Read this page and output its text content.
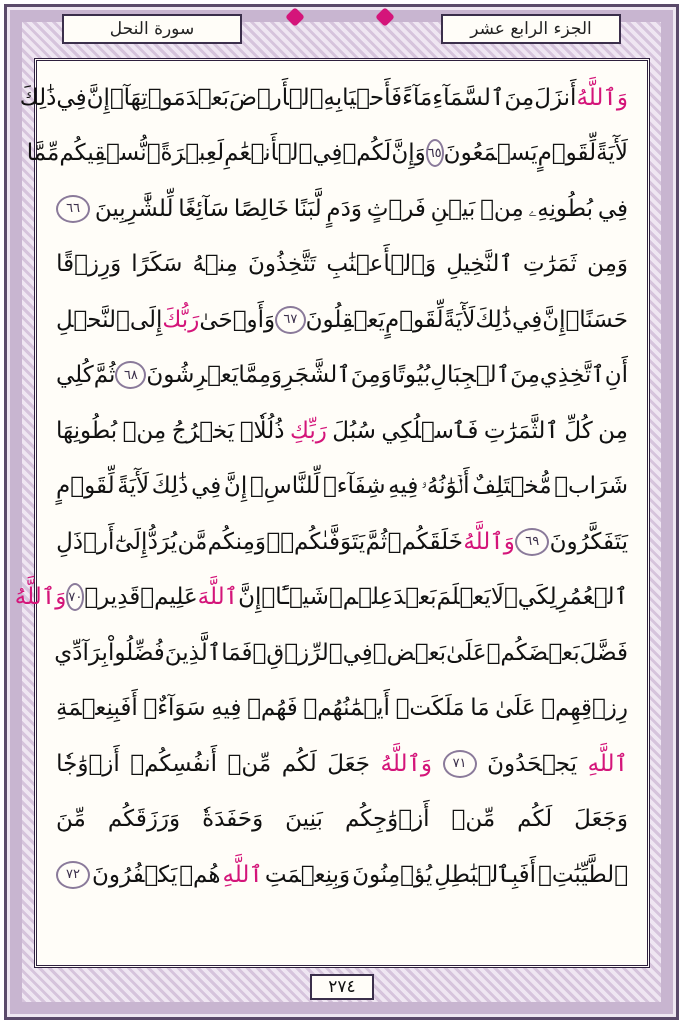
الجزء الرابع عشر
سورة النحل
وَٱللَّهُ
أَنزَلَ
مِنَ
ٱلسَّمَآءِ
مَآءً
فَأَحۡيَا
بِهِ
ٱلۡأَرۡضَ
بَعۡدَ
مَوۡتِهَآۚ
إِنَّ
فِي
ذَٰلِكَ
لَأٓيَةً
لِّقَوۡمٍ
يَسۡمَعُونَ
٦٥
وَإِنَّ
لَكُمۡ
فِي
ٱلۡأَنۡعَٰمِ
لَعِبۡرَةًۖ
نُّسۡقِيكُم
مِّمَّا
فِي
بُطُونِهِۦ
مِنۢ
بَيۡنِ
فَرۡثٍ
وَدَمٍ
لَّبَنًا
خَالِصًا
سَآئِغًا
لِّلشَّٰرِبِينَ
٦٦
وَمِن
ثَمَرَٰتِ
ٱلنَّخِيلِ
وَٱلۡأَعۡنَٰبِ
تَتَّخِذُونَ
مِنۡهُ
سَكَرًا
وَرِزۡقًا
حَسَنًاۚ
إِنَّ
فِي
ذَٰلِكَ
لَأٓيَةً
لِّقَوۡمٍ
يَعۡقِلُونَ
٦٧
وَأَوۡحَىٰ
رَبُّكَ
إِلَى
ٱلنَّحۡلِ
أَنِ
ٱتَّخِذِي
مِنَ
ٱلۡجِبَالِ
بُيُوتًا
وَمِنَ
ٱلشَّجَرِ
وَمِمَّا
يَعۡرِشُونَ
٦٨
ثُمَّ
كُلِي
مِن
كُلِّ
ٱلثَّمَرَٰتِ
فَٱسۡلُكِي
سُبُلَ
رَبِّكِ
ذُلُلٗاۚ
يَخۡرُجُ
مِنۢ
بُطُونِهَا
شَرَابٞ
مُّخۡتَلِفٌ
أَلۡوَٰنُهُۥ
فِيهِ
شِفَآءٞ
لِّلنَّاسِۚ
إِنَّ
فِي
ذَٰلِكَ
لَأٓيَةً
لِّقَوۡمٍ
يَتَفَكَّرُونَ
٦٩
وَٱللَّهُ
خَلَقَكُمۡ
ثُمَّ
يَتَوَفَّىٰكُمۡۚ
وَمِنكُم
مَّن
يُرَدُّ
إِلَىٰٓ
أَرۡذَلِ
ٱلۡعُمُرِ
لِكَيۡ
لَا
يَعۡلَمَ
بَعۡدَ
عِلۡمٖ
شَيۡـًٔاۚ
إِنَّ
ٱللَّهَ
عَلِيمٞ
قَدِيرٞ
٧٠
وَٱللَّهُ
فَضَّلَ
بَعۡضَكُمۡ
عَلَىٰ
بَعۡضٖ
فِي
ٱلرِّزۡقِۚ
فَمَا
ٱلَّذِينَ
فُضِّلُواْ
بِرَآدِّي
رِزۡقِهِمۡ
عَلَىٰ
مَا
مَلَكَتۡ
أَيۡمَٰنُهُمۡ
فَهُمۡ
فِيهِ
سَوَآءٌۚ
أَفَبِنِعۡمَةِ
ٱللَّهِ
يَجۡحَدُونَ
٧١
وَٱللَّهُ
جَعَلَ
لَكُم
مِّنۡ
أَنفُسِكُمۡ
أَزۡوَٰجٗا
وَجَعَلَ
لَكُم
مِّنۡ
أَزۡوَٰجِكُم
بَنِينَ
وَحَفَدَةٗ
وَرَزَقَكُم
مِّنَ
ٱلطَّيِّبَٰتِۚ
أَفَبِٱلۡبَٰطِلِ
يُؤۡمِنُونَ
وَبِنِعۡمَتِ
ٱللَّهِ
هُمۡ
يَكۡفُرُونَ
٧٢
٢٧٤
